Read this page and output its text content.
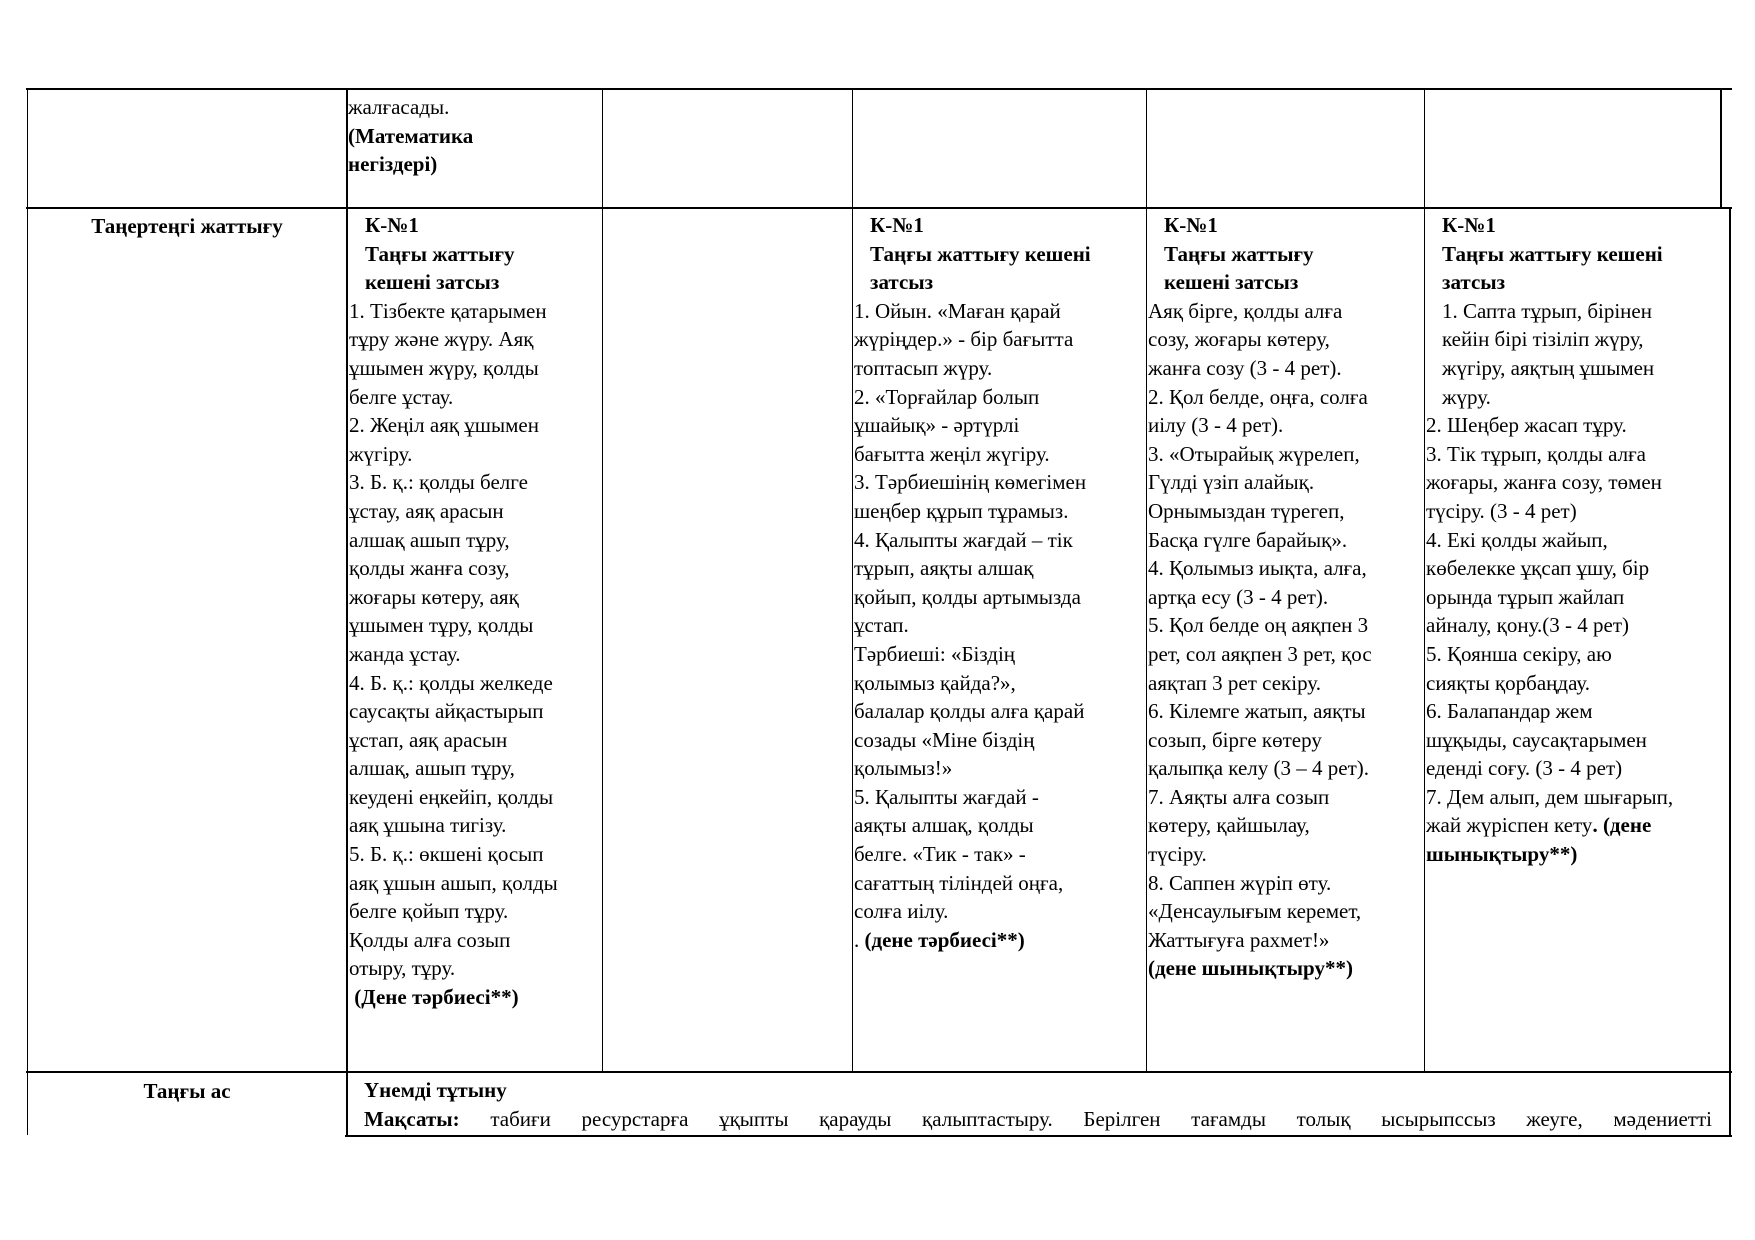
жалғасады.

(Математика

негіздері)

Таңертеңгі жаттығу	К-№1

Таңғы жаттығу

кешені затсыз

1. Тізбекте қатарымен

тұру және жүру. Аяқ

ұшымен жүру, қолды

белге ұстау.

2. Жеңіл аяқ ұшымен

жүгіру.

3. Б. қ.: қолды белге

ұстау, аяқ арасын

алшақ ашып тұру,

қолды жанға созу,

жоғары көтеру, аяқ

ұшымен тұру, қолды

жанда ұстау.

4. Б. қ.: қолды желкеде

саусақты айқастырып

ұстап, аяқ арасын

алшақ, ашып тұру,

кеудені еңкейіп, қолды

аяқ ұшына тигізу.

5. Б. қ.: өкшені қосып

аяқ ұшын ашып, қолды

белге қойып тұру.

Қолды алға созып

отыру, тұру.

(Дене тәрбиесі**)

К-№1

Таңғы жаттығу кешені

затсыз

1. Ойын. «Маған қарай

жүріңдер.» - бір бағытта

топтасып жүру.

2. «Торғайлар болып

ұшайық» - әртүрлі

бағытта жеңіл жүгіру.

3. Тәрбиешінің көмегімен

шеңбер құрып тұрамыз.

4. Қалыпты жағдай – тік

тұрып, аяқты алшақ

қойып, қолды артымызда

ұстап.

Тәрбиеші: «Біздің

қолымыз қайда?»,

балалар қолды алға қарай

созады «Міне біздің

қолымыз!»

5. Қалыпты жағдай -

аяқты алшақ, қолды

белге. «Тик - так» -

сағаттың тіліндей оңға,

солға иілу.

. (дене тәрбиесі**)

К-№1

Таңғы жаттығу

кешені затсыз

Аяқ бірге, қолды алға

созу, жоғары көтеру,

жанға созу (3 - 4 рет).

2. Қол белде, оңға, солға

иілу (3 - 4 рет).

3. «Отырайық жүрелеп,

Гүлді үзіп алайық.

Орнымыздан түрегеп,

Басқа гүлге барайық».

4. Қолымыз иықта, алға,

артқа есу (3 - 4 рет).

5. Қол белде оң аяқпен 3

рет, сол аяқпен 3 рет, қос

аяқтап 3 рет секіру.

6. Кілемге жатып, аяқты

созып, бірге көтеру

қалыпқа келу (3 – 4 рет).

7. Аяқты алға созып

көтеру, қайшылау,

түсіру.

8. Саппен жүріп өту.

«Денсаулығым керемет,

Жаттығуға рахмет!»

(дене шынықтыру**)

К-№1

Таңғы жаттығу кешені

затсыз

1. Сапта тұрып, бірінен

кейін бірі тізіліп жүру,

жүгіру, аяқтың ұшымен

жүру.

2. Шеңбер жасап тұру.

3. Тік тұрып, қолды алға

жоғары, жанға созу, төмен

түсіру. (3 - 4 рет)

4. Екі қолды жайып,

көбелекке ұқсап ұшу, бір

орында тұрып жайлап

айналу, қону.(3 - 4 рет)

5. Қоянша секіру, аю

сияқты қорбаңдау.

6. Балапандар жем

шұқыды, саусақтарымен

еденді соғу. (3 - 4 рет)

7. Дем алып, дем шығарып,

жай жүріспен кету. (дене

шынықтыру**)

Таңғы ас	Үнемді тұтыну

Мақсаты: табиғи ресурстарға ұқыпты қарауды қалыптастыру. Берілген тағамды толық ысырыпссыз жеуге, мәдениетті
